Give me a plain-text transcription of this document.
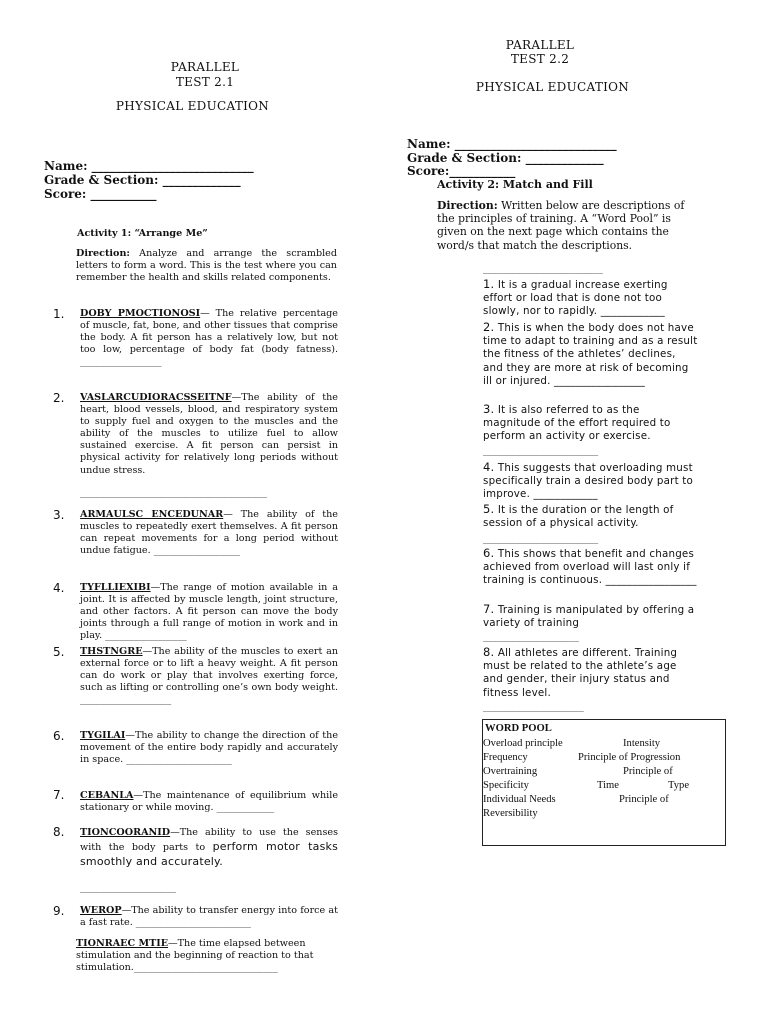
PARALLEL
TEST 2.1
PHYSICAL EDUCATION
Name: ___________________________
Grade & Section: _____________
Score: ___________
Activity 1: “Arrange Me”
Direction: Analyze and arrange the scrambled letters to form a word. This is the test where you can remember the health and skills related components.
1. DOBY PMOCTIONOSI— The relative percentage of muscle, fat, bone, and other tissues that comprise the body. A fit person has a relatively low, but not too low, percentage of body fat (body fatness). _________________
2. VASLARCUDIORACSSEITNF—The ability of the heart, blood vessels, blood, and respiratory system to supply fuel and oxygen to the muscles and the ability of the muscles to utilize fuel to allow sustained exercise. A fit person can persist in physical activity for relatively long periods without undue stress.
_______________________________________
3. ARMAULSC ENCEDUNAR— The ability of the muscles to repeatedly exert themselves. A fit person can repeat movements for a long period without undue fatigue. __________________
4. TYFLLIEXIBI—The range of motion available in a joint. It is affected by muscle length, joint structure, and other factors. A fit person can move the body joints through a full range of motion in work and in play. _________________
5. THSTNGRE—The ability of the muscles to exert an external force or to lift a heavy weight. A fit person can do work or play that involves exerting force, such as lifting or controlling one’s own body weight. ___________________
6. TYGILAI—The ability to change the direction of the movement of the entire body rapidly and accurately in space. ______________________
7. CEBANLA—The maintenance of equilibrium while stationary or while moving. ____________
8. TIONCOORANID—The ability to use the senses with the body parts to perform motor tasks smoothly and accurately.
____________________
9. WEROP—The ability to transfer energy into force at a fast rate. ________________________
TIONRAEC MTIE—The time elapsed between stimulation and the beginning of reaction to that stimulation.______________________________
PARALLEL
TEST 2.2
PHYSICAL EDUCATION
Name: ___________________________
Grade & Section: _____________
Score:___________
Activity 2: Match and Fill
Direction: Written below are descriptions of the principles of training. A “Word Pool” is given on the next page which contains the word/s that match the descriptions.
_________________________
1. It is a gradual increase exerting effort or load that is done not too slowly, nor to rapidly. ____________
2. This is when the body does not have time to adapt to training and as a result the fitness of the athletes’ declines, and they are more at risk of becoming ill or injured. _________________
3. It is also referred to as the magnitude of the effort required to perform an activity or exercise.
________________________
4. This suggests that overloading must specifically train a desired body part to improve. ____________
5. It is the duration or the length of session of a physical activity.
________________________
6. This shows that benefit and changes achieved from overload will last only if training is continuous. _________________
7. Training is manipulated by offering a variety of training
____________________
8. All athletes are different. Training must be related to the athlete’s age and gender, their injury status and fitness level.
_____________________
WORD POOL
Overload principle	Intensity
Frequency	Principle of Progression
Overtraining	Principle of
Specificity	Time	Type
Individual Needs	Principle of
Reversibility
